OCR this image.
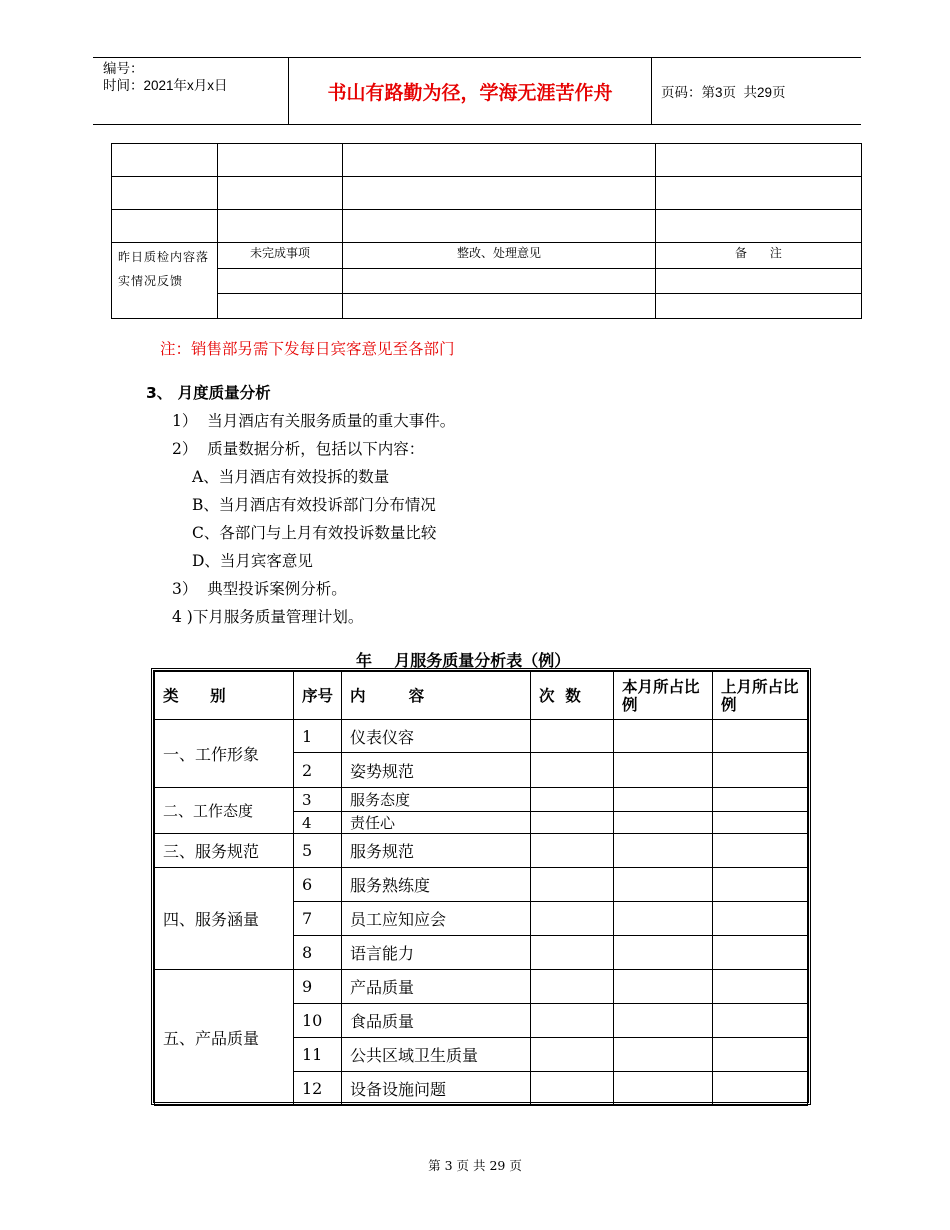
编号：
时间：2021年x月x日	书山有路勤为径，学海无涯苦作舟	页码：第3页  共29页

昨日质检内容落实情况反馈	未完成事项	整改、处理意见	备      注

注：销售部另需下发每日宾客意见至各部门
3、 月度质量分析
1）  当月酒店有关服务质量的重大事件。
2）  质量数据分析，包括以下内容：
A、当月酒店有效投拆的数量
B、当月酒店有效投诉部门分布情况
C、各部门与上月有效投诉数量比较
D、当月宾客意见
3）  典型投诉案例分析。
4 )下月服务质量管理计划。
年    月服务质量分析表（例）
类    别	序号	内        容	次  数	本月所占比例	上月所占比例
一、工作形象	1	仪表仪容			
	2	姿势规范			
二、工作态度	3	服务态度			
	4	责任心			
三、服务规范	5	服务规范			
四、服务涵量	6	服务熟练度			
	7	员工应知应会			
	8	语言能力			
五、产品质量	9	产品质量			
	10	食品质量			
	11	公共区域卫生质量			
	12	设备设施问题			
第 3 页 共 29 页
